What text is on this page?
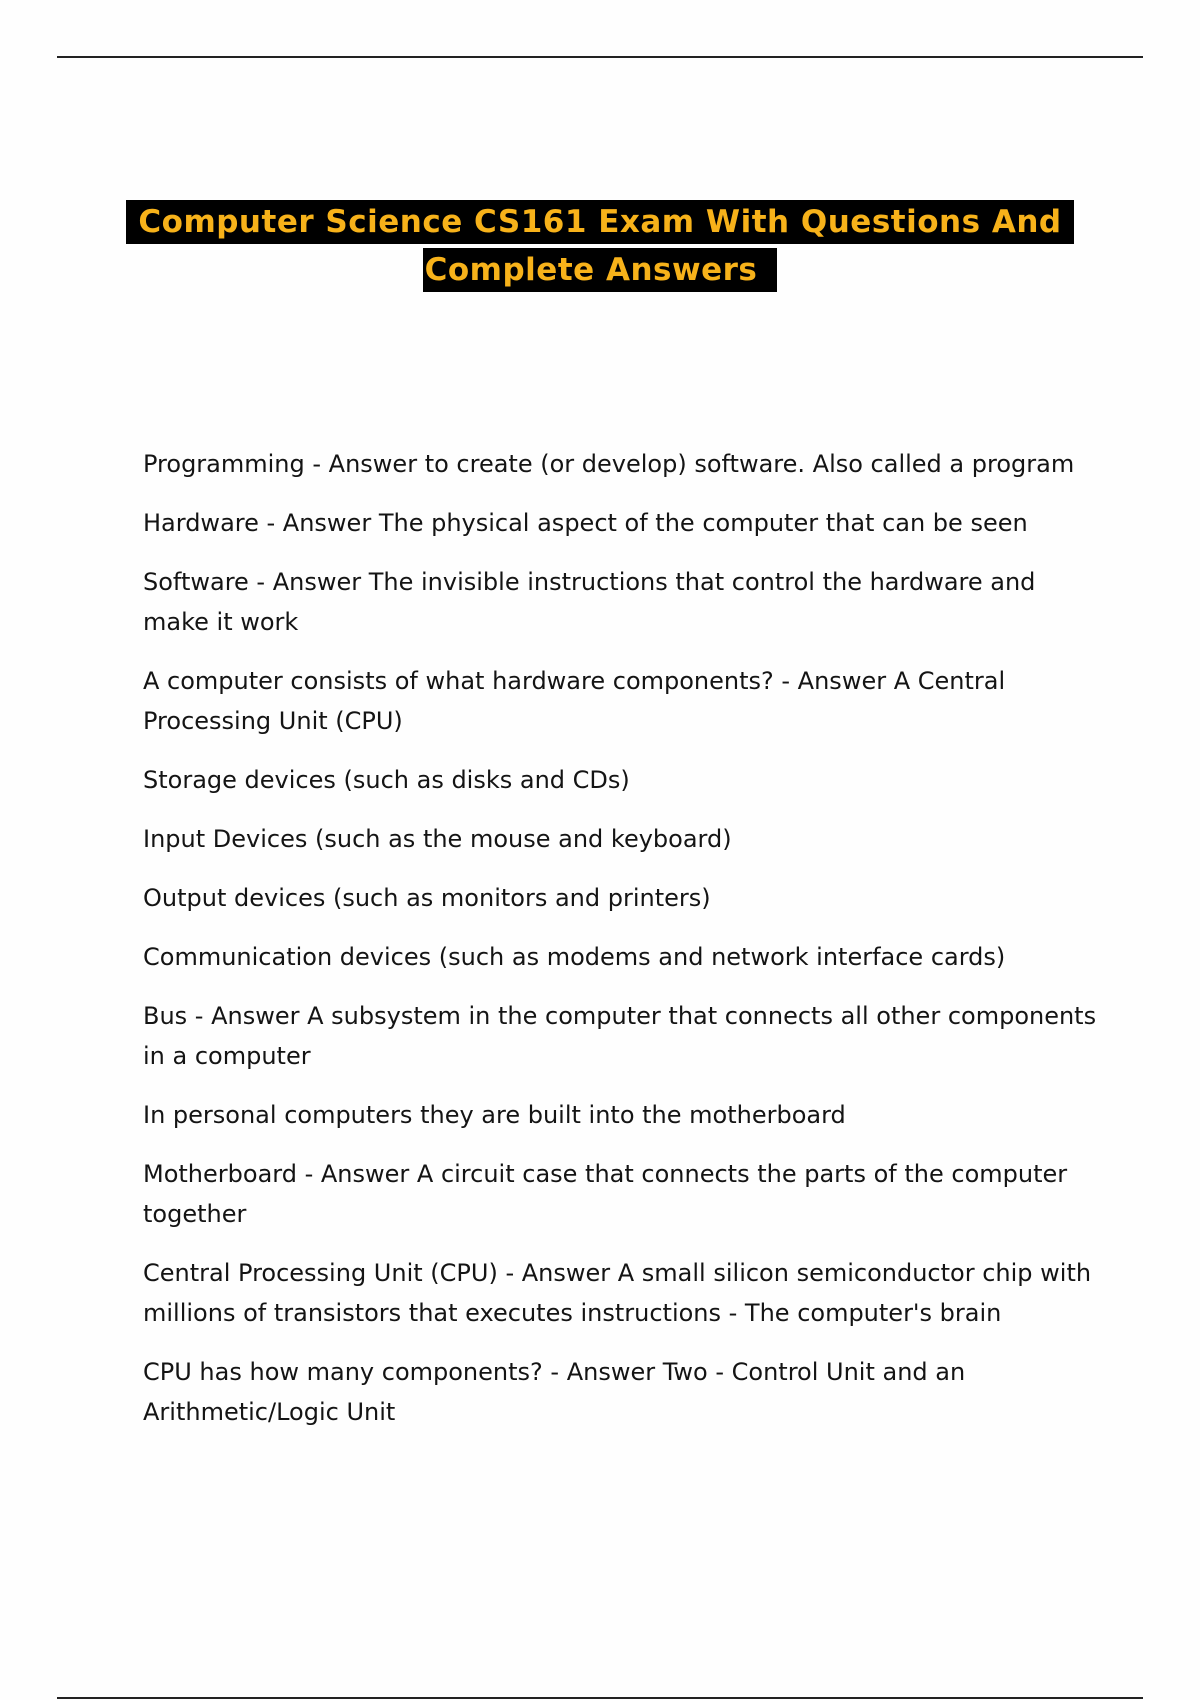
Computer Science CS161 Exam With Questions And
Complete Answers
Programming - Answer to create (or develop) software. Also called a program
Hardware - Answer The physical aspect of the computer that can be seen
Software - Answer The invisible instructions that control the hardware and make it work
A computer consists of what hardware components? - Answer A Central Processing Unit (CPU)
Storage devices (such as disks and CDs)
Input Devices (such as the mouse and keyboard)
Output devices (such as monitors and printers)
Communication devices (such as modems and network interface cards)
Bus - Answer A subsystem in the computer that connects all other components in a computer
In personal computers they are built into the motherboard
Motherboard - Answer A circuit case that connects the parts of the computer together
Central Processing Unit (CPU) - Answer A small silicon semiconductor chip with millions of transistors that executes instructions - The computer's brain
CPU has how many components? - Answer Two - Control Unit and an Arithmetic/Logic Unit
